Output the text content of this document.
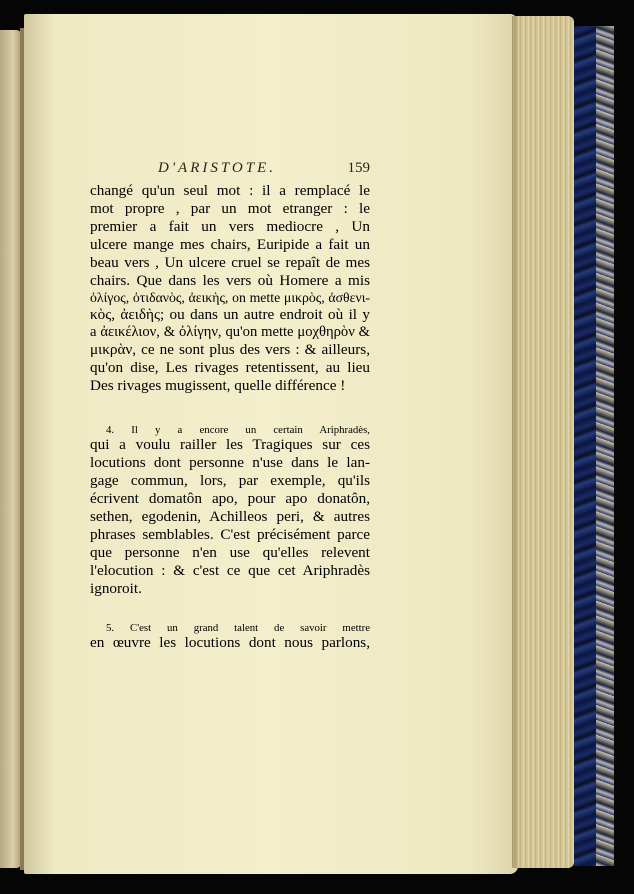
D'ARISTOTE.	159
changé qu'un seul mot : il a remplacé le
mot propre , par un mot etranger : le
premier a fait un vers mediocre , Un
ulcere mange mes chairs, Euripide a fait un
beau vers , Un ulcere cruel se repaît de mes
chairs. Que dans les vers où Homere a mis
ὀλίγος, ὀτιδανὸς, ἀεικὴς, on mette μικρὸς, ἀσθενι-
κὸς, ἀειδὴς; ou dans un autre endroit où il y
a ἀεικέλιον, & ὀλίγην, qu'on mette μοχθηρὸν &
μικρὰν, ce ne sont plus des vers : & ailleurs,
qu'on dise, Les rivages retentissent, au lieu
Des rivages mugissent, quelle différence !
4. Il y a encore un certain Ariphradès,
qui a voulu railler les Tragiques sur ces
locutions dont personne n'use dans le lan-
gage commun, lors, par exemple, qu'ils
écrivent domatôn apo, pour apo donatôn,
sethen, egodenin, Achilleos peri, & autres
phrases semblables. C'est précisément parce
que personne n'en use qu'elles relevent
l'elocution : & c'est ce que cet Ariphradès
ignoroit.
5. C'est un grand talent de savoir mettre
en œuvre les locutions dont nous parlons,
